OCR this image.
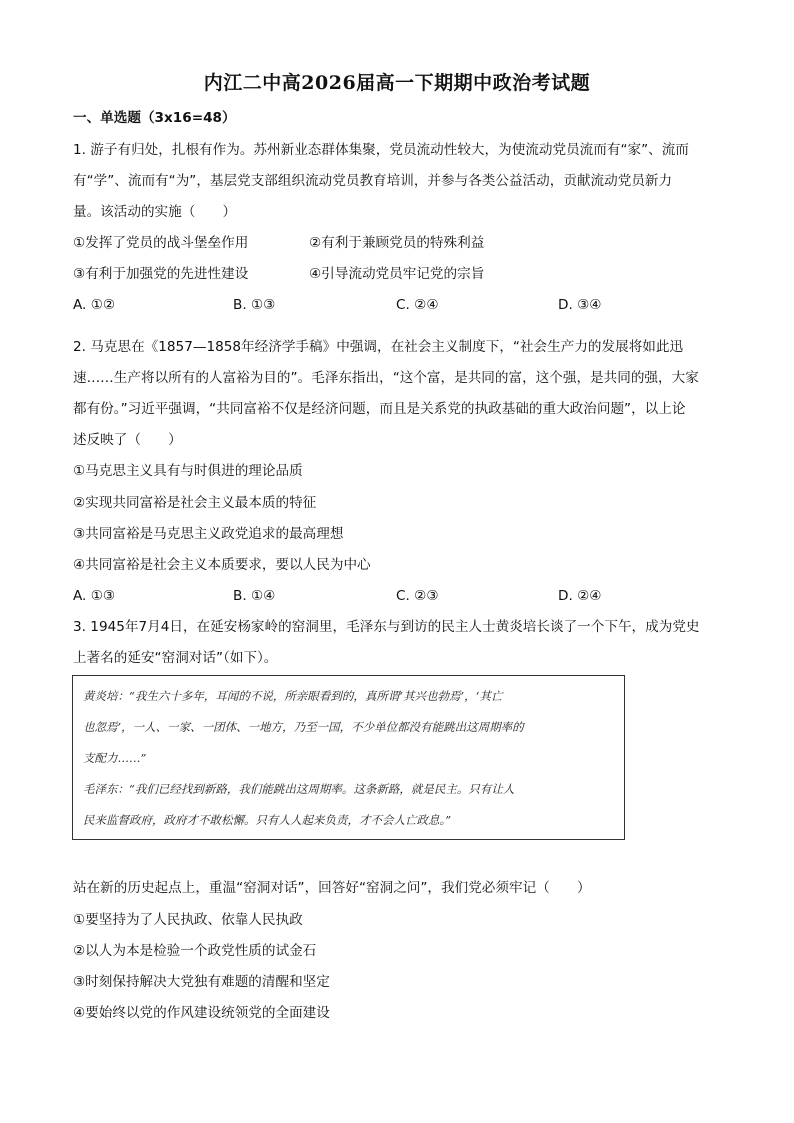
内江二中高2026届高一下期期中政治考试题
一、单选题（3x16=48）
1. 游子有归处，扎根有作为。苏州新业态群体集聚，党员流动性较大，为使流动党员流而有“家”、流而
有“学”、流而有“为”，基层党支部组织流动党员教育培训，并参与各类公益活动，贡献流动党员新力
量。该活动的实施（　　）
①发挥了党员的战斗堡垒作用	②有利于兼顾党员的特殊利益
③有利于加强党的先进性建设	④引导流动党员牢记党的宗旨
A. ①②	B. ①③	C. ②④	D. ③④
2. 马克思在《1857—1858年经济学手稿》中强调，在社会主义制度下，“社会生产力的发展将如此迅
速……生产将以所有的人富裕为目的”。毛泽东指出，“这个富，是共同的富，这个强，是共同的强，大家
都有份。”习近平强调，“共同富裕不仅是经济问题，而且是关系党的执政基础的重大政治问题”，以上论
述反映了（　　）
①马克思主义具有与时俱进的理论品质
②实现共同富裕是社会主义最本质的特征
③共同富裕是马克思主义政党追求的最高理想
④共同富裕是社会主义本质要求，要以人民为中心
A. ①③	B. ①④	C. ②③	D. ②④
3. 1945年7月4日，在延安杨家岭的窑洞里，毛泽东与到访的民主人士黄炎培长谈了一个下午，成为党史
上著名的延安“窑洞对话”（如下）。
黄炎培：“我生六十多年，耳闻的不说，所亲眼看到的，真所谓‘其兴也勃焉’，‘其亡
也忽焉’，一人、一家、一团体、一地方，乃至一国，不少单位都没有能跳出这周期率的
支配力……”
毛泽东：“我们已经找到新路，我们能跳出这周期率。这条新路，就是民主。只有让人
民来监督政府，政府才不敢松懈。只有人人起来负责，才不会人亡政息。”
站在新的历史起点上，重温“窑洞对话”，回答好“窑洞之问”，我们党必须牢记（　　）
①要坚持为了人民执政、依靠人民执政
②以人为本是检验一个政党性质的试金石
③时刻保持解决大党独有难题的清醒和坚定
④要始终以党的作风建设统领党的全面建设
